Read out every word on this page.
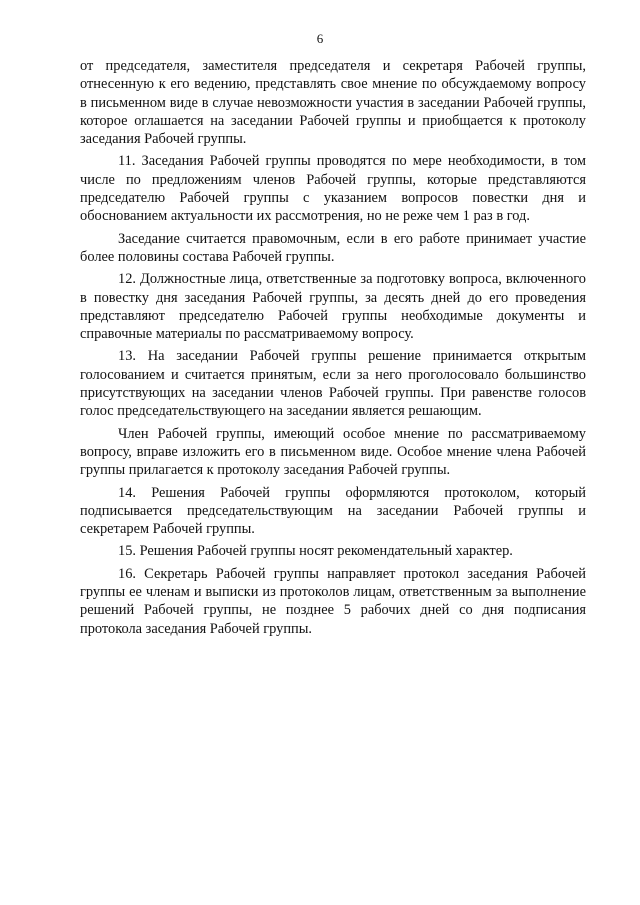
6

от председателя, заместителя председателя и секретаря Рабочей группы, отнесенную к его ведению, представлять свое мнение по обсуждаемому вопросу в письменном виде в случае невозможности участия в заседании Рабочей группы, которое оглашается на заседании Рабочей группы и приобщается к протоколу заседания Рабочей группы.

11. Заседания Рабочей группы проводятся по мере необходимости, в том числе по предложениям членов Рабочей группы, которые представляются председателю Рабочей группы с указанием вопросов повестки дня и обоснованием актуальности их рассмотрения, но не реже чем 1 раз в год.

Заседание считается правомочным, если в его работе принимает участие более половины состава Рабочей группы.

12. Должностные лица, ответственные за подготовку вопроса, включенного в повестку дня заседания Рабочей группы, за десять дней до его проведения представляют председателю Рабочей группы необходимые документы и справочные материалы по рассматриваемому вопросу.

13. На заседании Рабочей группы решение принимается открытым голосованием и считается принятым, если за него проголосовало большинство присутствующих на заседании членов Рабочей группы. При равенстве голосов голос председательствующего на заседании является решающим.

Член Рабочей группы, имеющий особое мнение по рассматриваемому вопросу, вправе изложить его в письменном виде. Особое мнение члена Рабочей группы прилагается к протоколу заседания Рабочей группы.

14. Решения Рабочей группы оформляются протоколом, который подписывается председательствующим на заседании Рабочей группы и секретарем Рабочей группы.

15. Решения Рабочей группы носят рекомендательный характер.

16. Секретарь Рабочей группы направляет протокол заседания Рабочей группы ее членам и выписки из протоколов лицам, ответственным за выполнение решений Рабочей группы, не позднее 5 рабочих дней со дня подписания протокола заседания Рабочей группы.
